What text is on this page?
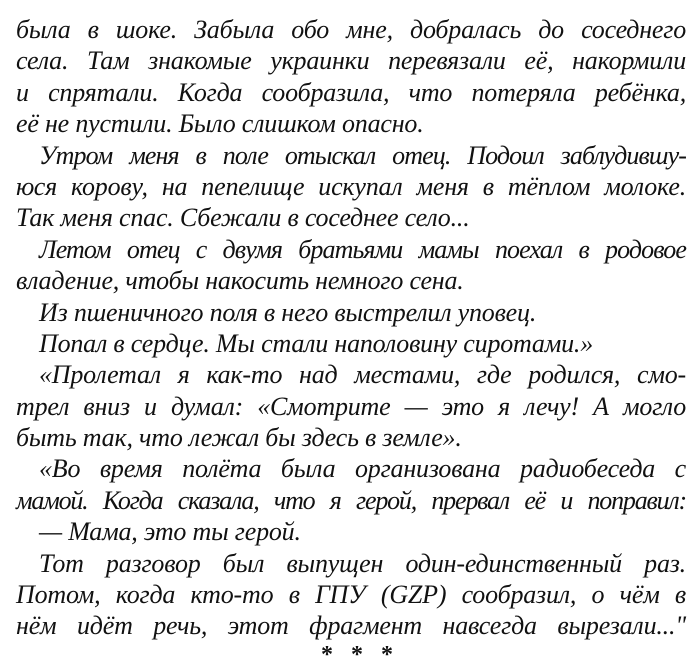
была в шоке. Забыла обо мне, добралась до соседнего
села. Там знакомые украинки перевязали её, накормили
и спрятали. Когда сообразила, что потеряла ребёнка,
её не пустили. Было слишком опасно.
Утром меня в поле отыскал отец. Подоил заблудившу-
юся корову, на пепелище искупал меня в тёплом молоке.
Так меня спас. Сбежали в соседнее село...
Летом отец с двумя братьями мамы поехал в родовое
владение, чтобы накосить немного сена.
Из пшеничного поля в него выстрелил уповец.
Попал в сердце. Мы стали наполовину сиротами.»
«Пролетал я как-то над местами, где родился, смо-
трел вниз и думал: «Смотрите — это я лечу! А могло
быть так, что лежал бы здесь в земле».
«Во время полёта была организована радиобеседа с
мамой. Когда сказала, что я герой, прервал её и поправил:
— Мама, это ты герой.
Тот разговор был выпущен один-единственный раз.
Потом, когда кто-то в ГПУ (GZP) сообразил, о чём в
нём идёт речь, этот фрагмент навсегда вырезали..."
* * *
